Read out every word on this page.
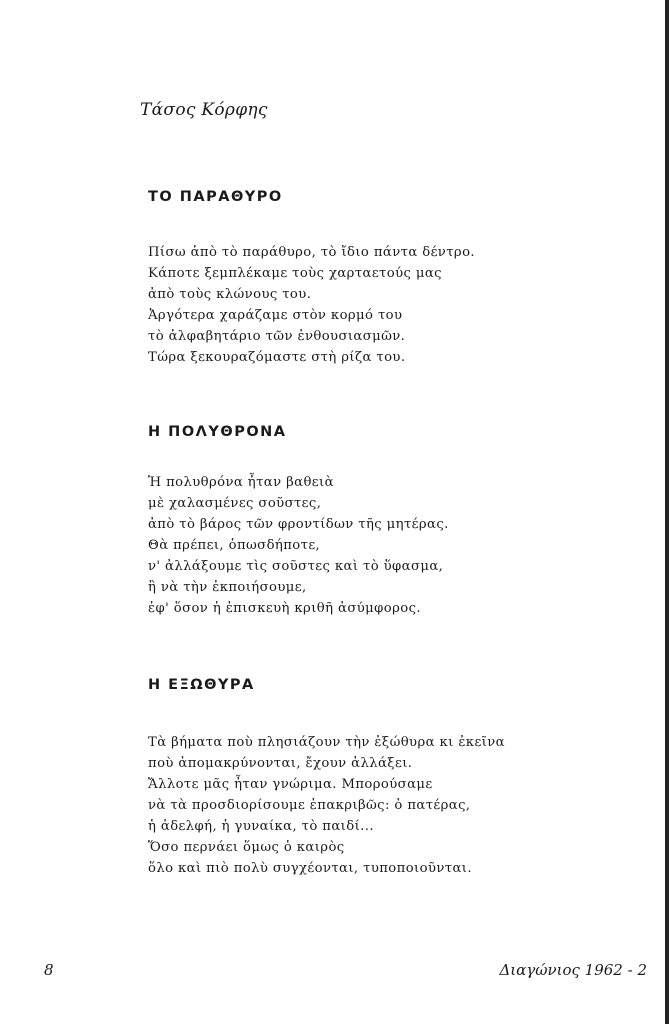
Τάσος Κόρφης
ΤΟ ΠΑΡΑΘΥΡΟ
Πίσω ἀπὸ τὸ παράθυρο, τὸ ἴδιο πάντα δέντρο.
Κάποτε ξεμπλέκαμε τοὺς χαρταετούς μας
ἀπὸ τοὺς κλώνους του.
Ἀργότερα χαράζαμε στὸν κορμό του
τὸ ἀλφαβητάριο τῶν ἐνθουσιασμῶν.
Τώρα ξεκουραζόμαστε στὴ ρίζα του.
Η ΠΟΛΥΘΡΟΝΑ
Ἡ πολυθρόνα ἦταν βαθειὰ
μὲ χαλασμένες σοῦστες,
ἀπὸ τὸ βάρος τῶν φροντίδων τῆς μητέρας.
Θὰ πρέπει, ὁπωσδήποτε,
ν' ἀλλάξουμε τὶς σοῦστες καὶ τὸ ὕφασμα,
ἢ νὰ τὴν ἐκποιήσουμε,
ἐφ' ὅσον ἡ ἐπισκευὴ κριθῆ ἀσύμφορος.
Η ΕΞΩΘΥΡΑ
Τὰ βήματα ποὺ πλησιάζουν τὴν ἐξώθυρα κι ἐκεῖνα
ποὺ ἀπομακρύνονται, ἔχουν ἀλλάξει.
Ἄλλοτε μᾶς ἦταν γνώριμα. Μπορούσαμε
νὰ τὰ προσδιορίσουμε ἐπακριβῶς: ὁ πατέρας,
ἡ ἀδελφή, ἡ γυναίκα, τὸ παιδί...
Ὅσο περνάει ὅμως ὁ καιρὸς
ὅλο καὶ πιὸ πολὺ συγχέονται, τυποποιοῦνται.
8	Διαγώνιος 1962 - 2
